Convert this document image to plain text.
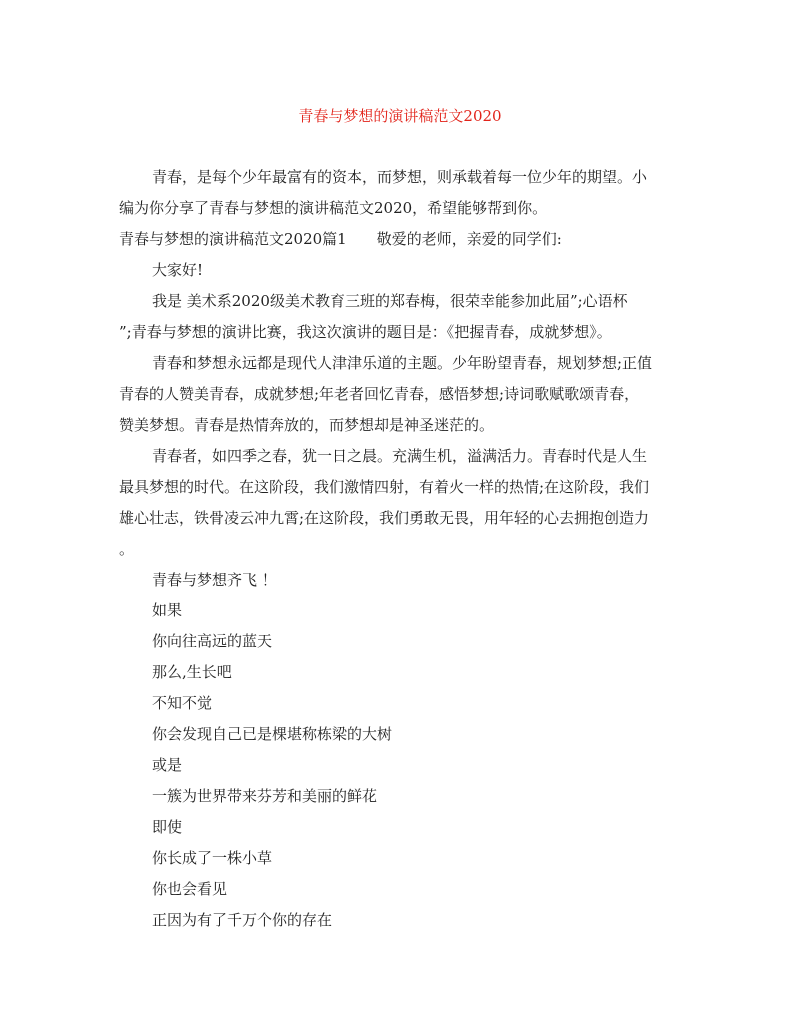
青春与梦想的演讲稿范文2020
青春，是每个少年最富有的资本，而梦想，则承载着每一位少年的期望。小
编为你分享了青春与梦想的演讲稿范文2020，希望能够帮到你。
青春与梦想的演讲稿范文2020篇1　　敬爱的老师，亲爱的同学们:
大家好!
我是 美术系2020级美术教育三班的郑春梅，很荣幸能参加此届”;心语杯
”;青春与梦想的演讲比赛，我这次演讲的题目是：《把握青春，成就梦想》。
青春和梦想永远都是现代人津津乐道的主题。少年盼望青春，规划梦想;正值
青春的人赞美青春，成就梦想;年老者回忆青春，感悟梦想;诗词歌赋歌颂青春，
赞美梦想。青春是热情奔放的，而梦想却是神圣迷茫的。
青春者，如四季之春，犹一日之晨。充满生机，溢满活力。青春时代是人生
最具梦想的时代。在这阶段，我们激情四射，有着火一样的热情;在这阶段，我们
雄心壮志，铁骨凌云冲九霄;在这阶段，我们勇敢无畏，用年轻的心去拥抱创造力
。
青春与梦想齐飞 ！
如果
你向往高远的蓝天
那么,生长吧
不知不觉
你会发现自己已是棵堪称栋梁的大树
或是
一簇为世界带来芬芳和美丽的鲜花
即使
你长成了一株小草
你也会看见
正因为有了千万个你的存在
